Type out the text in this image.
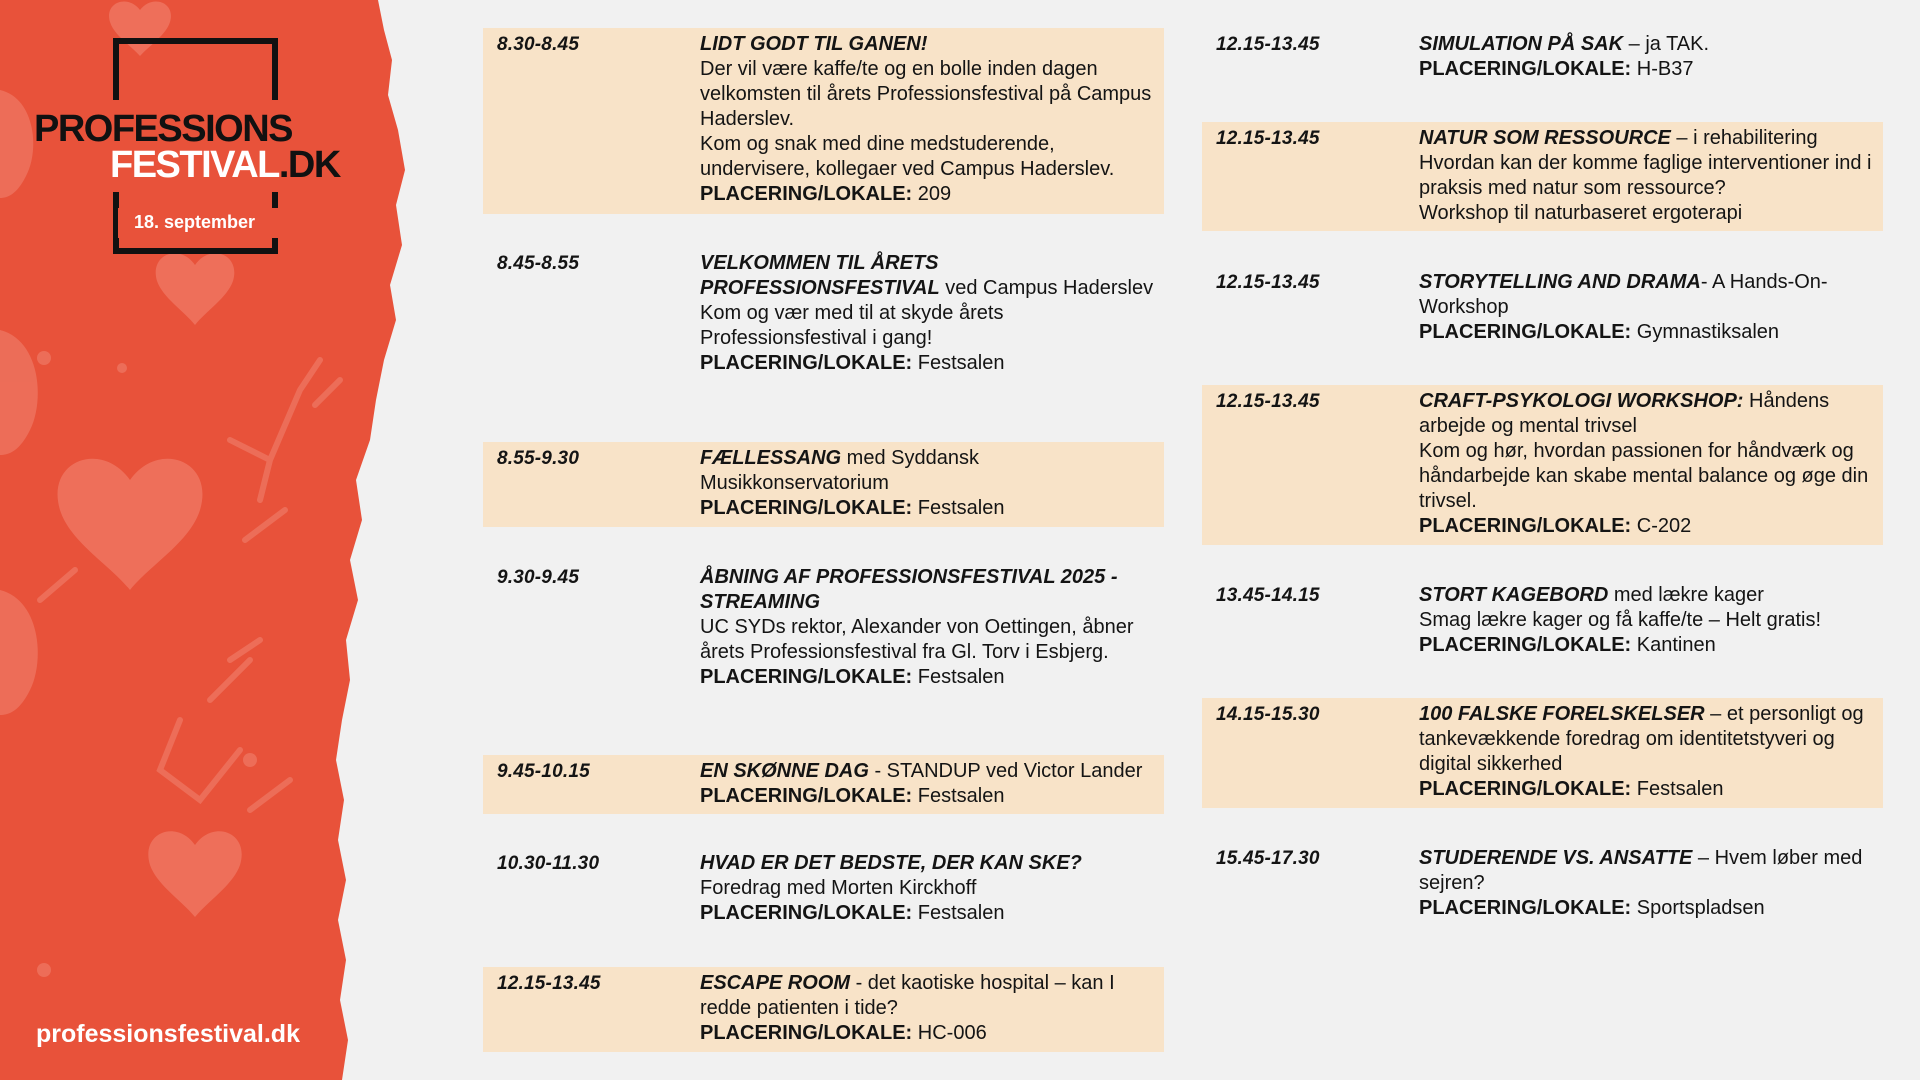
PROFESSIONS
FESTIVAL.DK
18. september
professionsfestival.dk
8.30-8.45	LIDT GODT TIL GANEN!

Der vil være kaffe/te og en bolle inden dagen velkomsten til årets Professionsfestival på Campus Haderslev.

Kom og snak med dine medstuderende, undervisere, kollegaer ved Campus Haderslev.

PLACERING/LOKALE: 209

8.45-8.55	VELKOMMEN TIL ÅRETS PROFESSIONSFESTIVAL ved Campus Haderslev

Kom og vær med til at skyde årets Professionsfestival i gang!

PLACERING/LOKALE: Festsalen

8.55-9.30	FÆLLESSANG med Syddansk Musikkonservatorium

PLACERING/LOKALE: Festsalen

9.30-9.45	ÅBNING AF PROFESSIONSFESTIVAL 2025 - STREAMING

UC SYDs rektor, Alexander von Oettingen, åbner årets Professionsfestival fra Gl. Torv i Esbjerg.

PLACERING/LOKALE: Festsalen

9.45-10.15	EN SKØNNE DAG - STANDUP ved Victor Lander

PLACERING/LOKALE: Festsalen

10.30-11.30	HVAD ER DET BEDSTE, DER KAN SKE?

Foredrag med Morten Kirckhoff

PLACERING/LOKALE: Festsalen

12.15-13.45	ESCAPE ROOM - det kaotiske hospital – kan I redde patienten i tide?

PLACERING/LOKALE: HC-006

12.15-13.45	SIMULATION PÅ SAK – ja TAK.

PLACERING/LOKALE: H-B37

12.15-13.45	NATUR SOM RESSOURCE – i rehabilitering

Hvordan kan der komme faglige interventioner ind i praksis med natur som ressource?

Workshop til naturbaseret ergoterapi

12.15-13.45	STORYTELLING AND DRAMA- A Hands-On-Workshop

PLACERING/LOKALE: Gymnastiksalen

12.15-13.45	CRAFT-PSYKOLOGI WORKSHOP: Håndens arbejde og mental trivsel

Kom og hør, hvordan passionen for håndværk og håndarbejde kan skabe mental balance og øge din trivsel.

PLACERING/LOKALE: C-202

13.45-14.15	STORT KAGEBORD med lækre kager

Smag lækre kager og få kaffe/te – Helt gratis!

PLACERING/LOKALE: Kantinen

14.15-15.30	100 FALSKE FORELSKELSER – et personligt og tankevækkende foredrag om identitetstyveri og digital sikkerhed

PLACERING/LOKALE: Festsalen

15.45-17.30	STUDERENDE VS. ANSATTE – Hvem løber med sejren?

PLACERING/LOKALE: Sportspladsen
